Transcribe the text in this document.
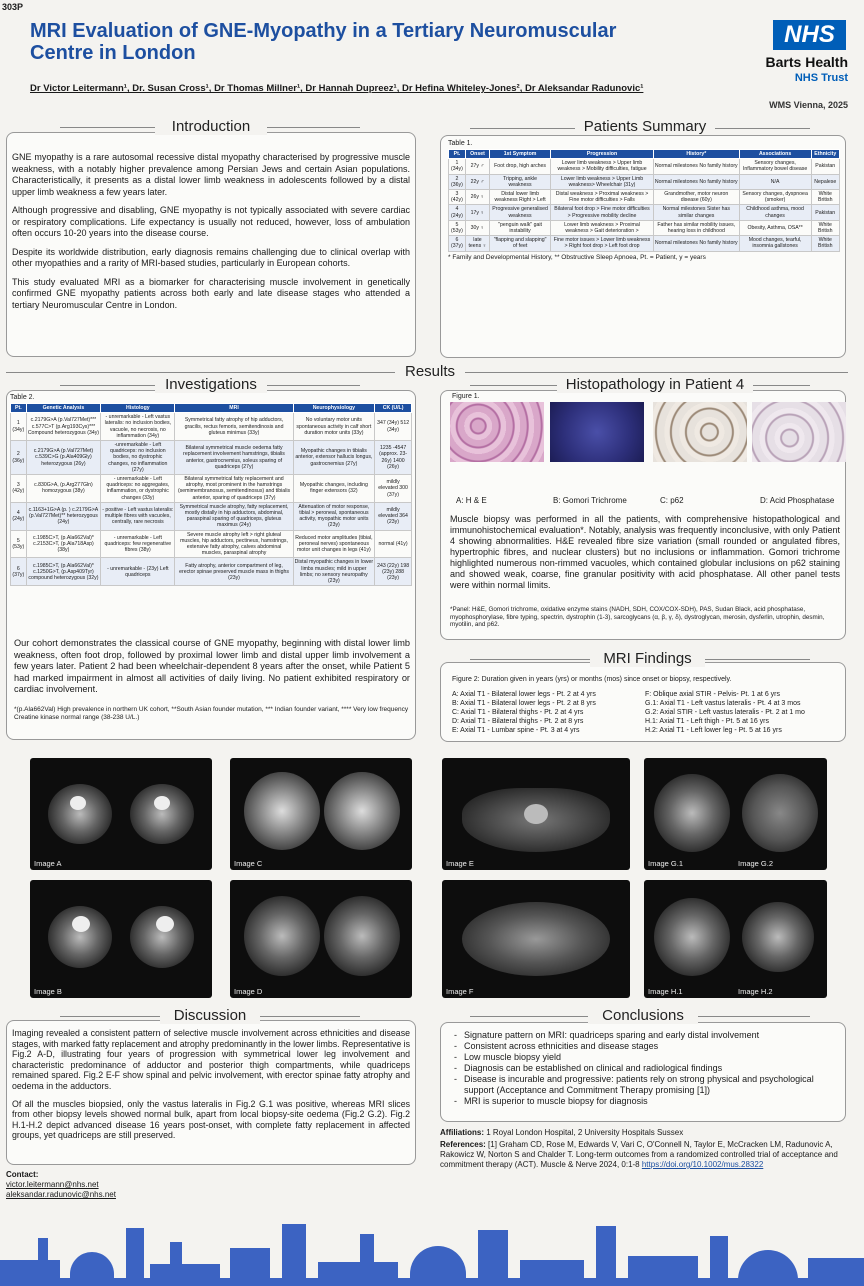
303P
MRI Evaluation of GNE-Myopathy in a Tertiary Neuromuscular Centre in London
Dr Victor Leitermann¹, Dr. Susan Cross¹, Dr Thomas Millner¹, Dr Hannah Dupreez¹, Dr Hefina Whiteley-Jones², Dr Aleksandar Radunovic¹
NHS
Barts Health
NHS Trust
WMS Vienna, 2025
Introduction

GNE myopathy is a rare autosomal recessive distal myopathy characterised by progressive muscle weakness, with a notably higher prevalence among Persian Jews and certain Asian populations. Characteristically, it presents as a distal lower limb weakness in adolescents followed by a distal upper limb weakness a few years later.

Although progressive and disabling, GNE myopathy is not typically associated with severe cardiac or respiratory complications. Life expectancy is usually not reduced, however, loss of ambulation often occurs 10-20 years into the disease course.

Despite its worldwide distribution, early diagnosis remains challenging due to clinical overlap with other myopathies and a rarity of MRI-based studies, particularly in European cohorts.

This study evaluated MRI as a biomarker for characterising muscle involvement in genetically confirmed GNE myopathy patients across both early and late disease stages who attended a tertiary Neuromuscular Centre in London.

Patients Summary
Table 1.
Pt.	Onset	1st Symptom	Progression	History*	Associations	Ethnicity
1 (34y)	27y ♂	Foot drop, high arches	Lower limb weakness > Upper limb weakness > Mobility difficulties, fatigue	Normal milestones No family history	Sensory changes, Inflammatory bowel disease	Pakistan
2 (36y)	22y ♂	Tripping, ankle weakness	Lower limb weakness > Upper Limb weakness> Wheelchair (31y)	Normal milestones No family history	N/A	Nepalese
3 (42y)	26y ♀	Distal lower limb weakness Right > Left	Distal weakness > Proximal weakness > Fine motor difficulties > Falls	Grandmother, motor neuron disease (60y)	Sensory changes, dyspnoea (smoker)	White British
4 (24y)	17y ♀	Progressive generalised weakness	Bilateral foot drop > Fine motor difficulties > Progressive mobility decline	Normal milestones Sister has similar changes	Childhood asthma, mood changes	Pakistan
5 (53y)	30y ♀	"penguin walk" gait instability	Lower limb weakness > Proximal weakness > Gait deterioration >	Father has similar mobility issues, hearing loss in childhood	Obesity, Asthma, OSA**	White British
6 (37y)	late teens ♀	"flapping and slapping" of feet	Fine motor issues > Lower limb weakness > Right foot drop > Left foot drop	Normal milestones No family history	Mood changes, tearful, insomnia gallstones	White British
* Family and Developmental History, ** Obstructive Sleep Apnoea, Pt. = Patient, y = years
Results
Investigations
Table 2.
Pt.	Genetic Analysis	Histology	MRI	Neurophysiology	CK (U/L)
1 (34y)	c.2179G>A (p.Val727Met)*** c.577C>T (p.Arg193Cys)*** Compound heterozygous (34y)	- unremarkable - Left vastus lateralis: no inclusion bodies, vacuole, no necrosis, no inflammation (34y)	Symmetrical fatty atrophy of hip adductors, gracilis, rectus femoris, semitendinosis and gluteus minimus (33y)	No voluntary motor units spontaneous activity in calf short duration motor units (33y)	347 (34y) 512 (34y)
2 (36y)	c.2179G>A (p.Val727Met) c.539C>G (p.Ala409Gly) heterozygous (26y)	-unremarkable - Left quadriceps: no inclusion bodies, no dystrophic changes, no inflammation (27y)	Bilateral symmetrical muscle oedema fatty replacement involvement hamstrings, tibialis anterior, gastrocnemius, soleus sparing of quadriceps (27y)	Myopathic changes in tibialis anterior, extensor hallucis longus, gastrocnemius (27y)	1235 -4547 (approx. 23-26y) 1400 (26y)
3 (42y)	c.830G>A, (p.Arg277Gln) homozygous (38y)	- unremarkable - Left quadriceps: no aggregates, inflammation, or dystrophic changes (33y)	Bilateral symmetrical fatty replacement and atrophy, most prominent in the hamstrings (semimembranosus, semitendinosus) and tibialis anterior, sparing of quadriceps (37y)	Myopathic changes, including finger extensors (32)	mildly elevated 300 (37y)
4 (24y)	c.1163+1G>A (p. ) c.2179G>A (p.Val727Met)** heterozygous (24y)	- positive - Left vastus lateralis: multiple fibres with vacuoles, centrally, rare necrosis	Symmetrical muscle atrophy, fatty replacement, mostly distally in hip adductors, abdominal, paraspinal sparing of quadriceps, gluteus maximus (24y)	Attenuation of motor response, tibial > peroneal, spontaneous activity, myopathic motor units (23y)	mildly elevated 364 (23y)
5 (53y)	c.1985C>T, (p.Ala662Val)* c.2153C>T, (p.Ala718Asp) (38y)	- unremarkable - Left quadriceps: few regenerative fibres (38y)	Severe muscle atrophy left > right gluteal muscles, hip adductors, pectineus, hamstrings, extensive fatty atrophy, calves abdominal muscles, paraspinal atrophy	Reduced motor amplitudes (tibial, peroneal nerves) spontaneous motor unit changes in legs (41y)	normal (41y)
6 (37y)	c.1985C>T, (p.Ala662Val)* c.1250G>T, (p.Asp409Tyr) compound heterozygous (32y)	- unremarkable - (23y) Left quadriceps	Fatty atrophy, anterior compartment of leg, erector spinae preserved muscle mass in thighs (23y)	Distal myopathic changes in lower limbs muscles; mild in upper limbs; no sensory neuropathy (23y)	243 (22y) 198 (23y) 288 (23y)
Our cohort demonstrates the classical course of GNE myopathy, beginning with distal lower limb weakness, often foot drop, followed by proximal lower limb and distal upper limb involvement a few years later. Patient 2 had been wheelchair-dependent 8 years after the onset, while Patient 5 had marked impairment in almost all activities of daily living. No patient exhibited respiratory or cardiac involvement.
*(p.Ala662Val) High prevalence in northern UK cohort, **South Asian founder mutation, *** Indian founder variant, **** Very low frequency
Creatine kinase normal range (38-238 U/L.)
Histopathology in Patient 4
Figure 1.
A: H & E	B: Gomori Trichrome	C: p62	D: Acid Phosphatase
Muscle biopsy was performed in all the patients, with comprehensive histopathological and immunohistochemical evaluation*. Notably, analysis was frequently inconclusive, with only Patient 4 showing abnormalities. H&E revealed fibre size variation (small rounded or angulated fibres, hypertrophic fibres, and nuclear clusters) but no inclusions or inflammation. Gomori trichrome highlighted numerous non-rimmed vacuoles, which contained globular inclusions on p62 staining and showed weak, coarse, fine granular positivity with acid phosphatase. All other panel tests were within normal limits.
*Panel: H&E, Gomori trichrome, oxidative enzyme stains (NADH, SDH, COX/COX-SDH), PAS, Sudan Black, acid phosphatase, myophosphorylase, fibre typing, spectrin, dystrophin (1-3), sarcoglycans (α, β, γ, δ), dystroglycan, merosin, dysferlin, utrophin, desmin, myotilin, and p62.
MRI Findings
Figure 2: Duration given in years (yrs) or months (mos) since onset or biopsy, respectively.
A: Axial T1 - Bilateral lower legs - Pt. 2 at 4 yrs
B: Axial T1 - Bilateral lower legs - Pt. 2 at 8 yrs
C: Axial T1 - Bilateral thighs - Pt. 2 at 4 yrs
D: Axial T1 - Bilateral thighs - Pt. 2 at 8 yrs
E: Axial T1 - Lumbar spine - Pt. 3 at 4 yrs
F: Oblique axial STIR - Pelvis- Pt. 1 at 6 yrs
G.1: Axial T1 - Left vastus lateralis - Pt. 4 at 3 mos
G.2: Axial STIR - Left vastus lateralis - Pt. 2 at 1 mo
H.1: Axial T1 - Left thigh - Pt. 5 at 16 yrs
H.2: Axial T1 - Left lower leg - Pt. 5 at 16 yrs
Image A
Image B
Image C
Image D
Image E
Image F
Image G.1	Image G.2
Image H.1	Image H.2
Discussion

Imaging revealed a consistent pattern of selective muscle involvement across ethnicities and disease stages, with marked fatty replacement and atrophy predominantly in the lower limbs. Representative is Fig.2 A-D, illustrating four years of progression with symmetrical lower leg involvement and characteristic predominance of adductor and posterior thigh compartments, while quadriceps remained spared. Fig.2 E-F show spinal and pelvic involvement, with erector spinae fatty atrophy and oedema in the adductors.

Of all the muscles biopsied, only the vastus lateralis in Fig.2 G.1 was positive, whereas MRI slices from other biopsy levels showed normal bulk, apart from local biopsy-site oedema (Fig.2 G.2). Fig.2 H.1-H.2 depict advanced disease 16 years post-onset, with complete fatty replacement in affected groups, yet quadriceps are still preserved.

Contact:
victor.leitermann@nhs.net
aleksandar.radunovic@nhs.net
Conclusions
- Signature pattern on MRI: quadriceps sparing and early distal involvement
- Consistent across ethnicities and disease stages
- Low muscle biopsy yield
- Diagnosis can be established on clinical and radiological findings
- Disease is incurable and progressive: patients rely on strong physical and psychological support (Acceptance and Commitment Therapy promising [1])
- MRI is superior to muscle biopsy for diagnosis
Affiliations: 1 Royal London Hospital, 2 University Hospitals Sussex
References: [1] Graham CD, Rose M, Edwards V, Vari C, O'Connell N, Taylor E, McCracken LM, Radunovic A, Rakowicz W, Norton S and Chalder T. Long-term outcomes from a randomized controlled trial of acceptance and commitment therapy (ACT). Muscle & Nerve 2024, 0:1-8 https://doi.org/10.1002/mus.28322
